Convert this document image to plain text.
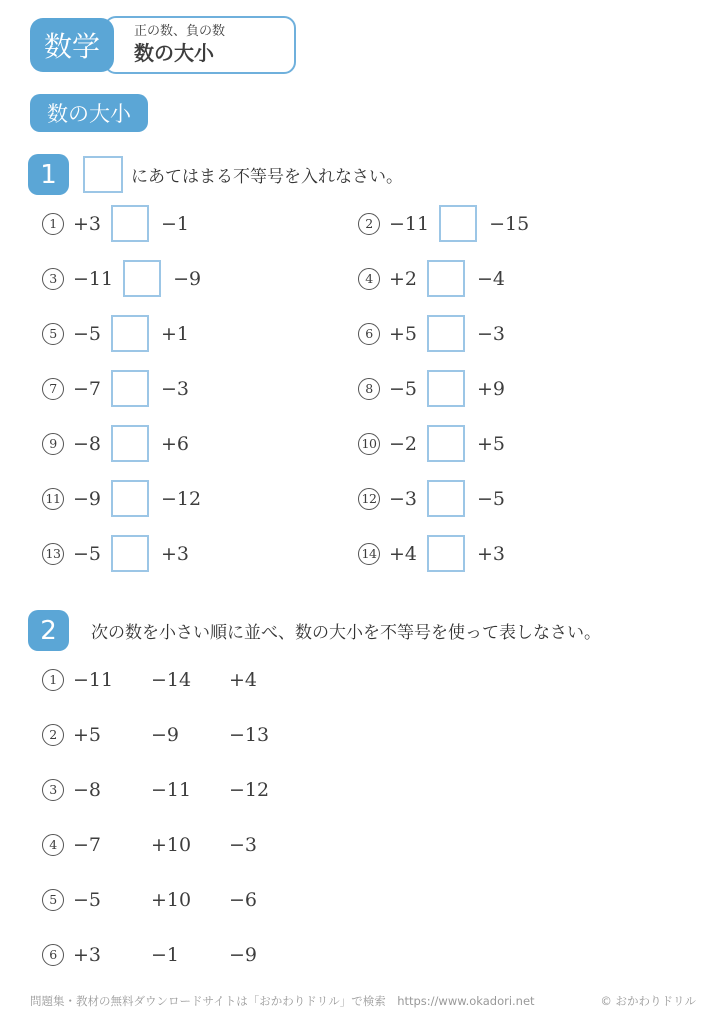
数学	正の数、負の数
数の大小
数の大小
1	にあてはまる不等号を入れなさい。
1 +3	−1	2 −11	−15
3 −11	−9	4 +2	−4
5 −5	+1	6 +5	−3
7 −7	−3	8 −5	+9
9 −8	+6	10 −2	+5
11 −9	−12	12 −3	−5
13 −5	+3	14 +4	+3
2 次の数を小さい順に並べ、数の大小を不等号を使って表しなさい。
1 −11	−14	+4
2 +5	−9	−13
3 −8	−11	−12
4 −7	+10	−3
5 −5	+10	−6
6 +3	−1	−9
問題集・教材の無料ダウンロードサイトは「おかわりドリル」で検索　https://www.okadori.net	© おかわりドリル
